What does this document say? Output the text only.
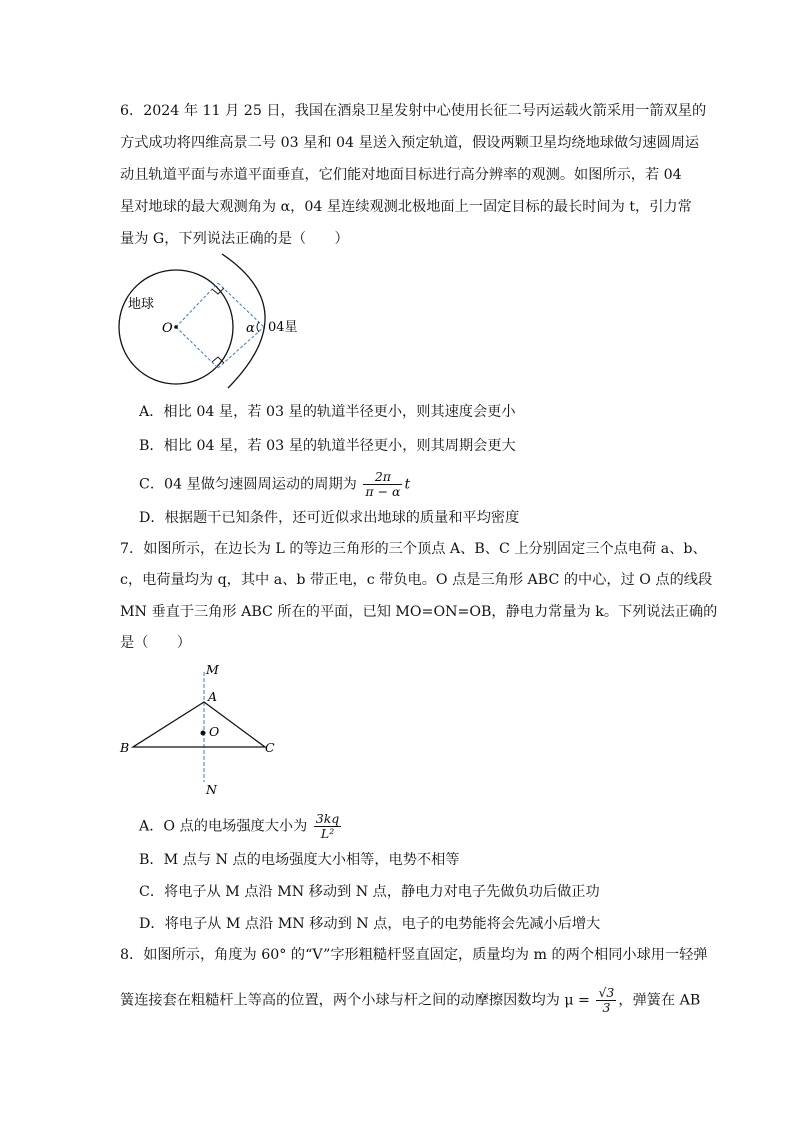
6．2024 年 11 月 25 日，我国在酒泉卫星发射中心使用长征二号丙运载火箭采用一箭双星的
方式成功将四维高景二号 03 星和 04 星送入预定轨道，假设两颗卫星均绕地球做匀速圆周运
动且轨道平面与赤道平面垂直，它们能对地面目标进行高分辨率的观测。如图所示，若 04
星对地球的最大观测角为 α，04 星连续观测北极地面上一固定目标的最长时间为 t，引力常
量为 G，下列说法正确的是（　　）
地球
O	α 04星
A．相比 04 星，若 03 星的轨道半径更小，则其速度会更小
B．相比 04 星，若 03 星的轨道半径更小，则其周期会更大
C．04 星做匀速圆周运动的周期为 $\frac{2\pi}{\pi - \alpha}$ t
D．根据题干已知条件，还可近似求出地球的质量和平均密度
7．如图所示，在边长为 L 的等边三角形的三个顶点 A、B、C 上分别固定三个点电荷 a、b、
c，电荷量均为 q，其中 a、b 带正电，c 带负电。O 点是三角形 ABC 的中心，过 O 点的线段
MN 垂直于三角形 ABC 所在的平面，已知 MO=ON=OB，静电力常量为 k。下列说法正确的
是（　　）
M
A
O
B	C
N
A．O 点的电场强度大小为 $\frac{3kq}{\text{L²}}$
B．M 点与 N 点的电场强度大小相等，电势不相等
C．将电子从 M 点沿 MN 移动到 N 点，静电力对电子先做负功后做正功
D．将电子从 M 点沿 MN 移动到 N 点，电子的电势能将会先减小后增大
8．如图所示，角度为 60° 的“V”字形粗糙杆竖直固定，质量均为 m 的两个相同小球用一轻弹
簧连接套在粗糙杆上等高的位置，两个小球与杆之间的动摩擦因数均为 $\mu = \frac{√3}{3}$ ，弹簧在 AB
